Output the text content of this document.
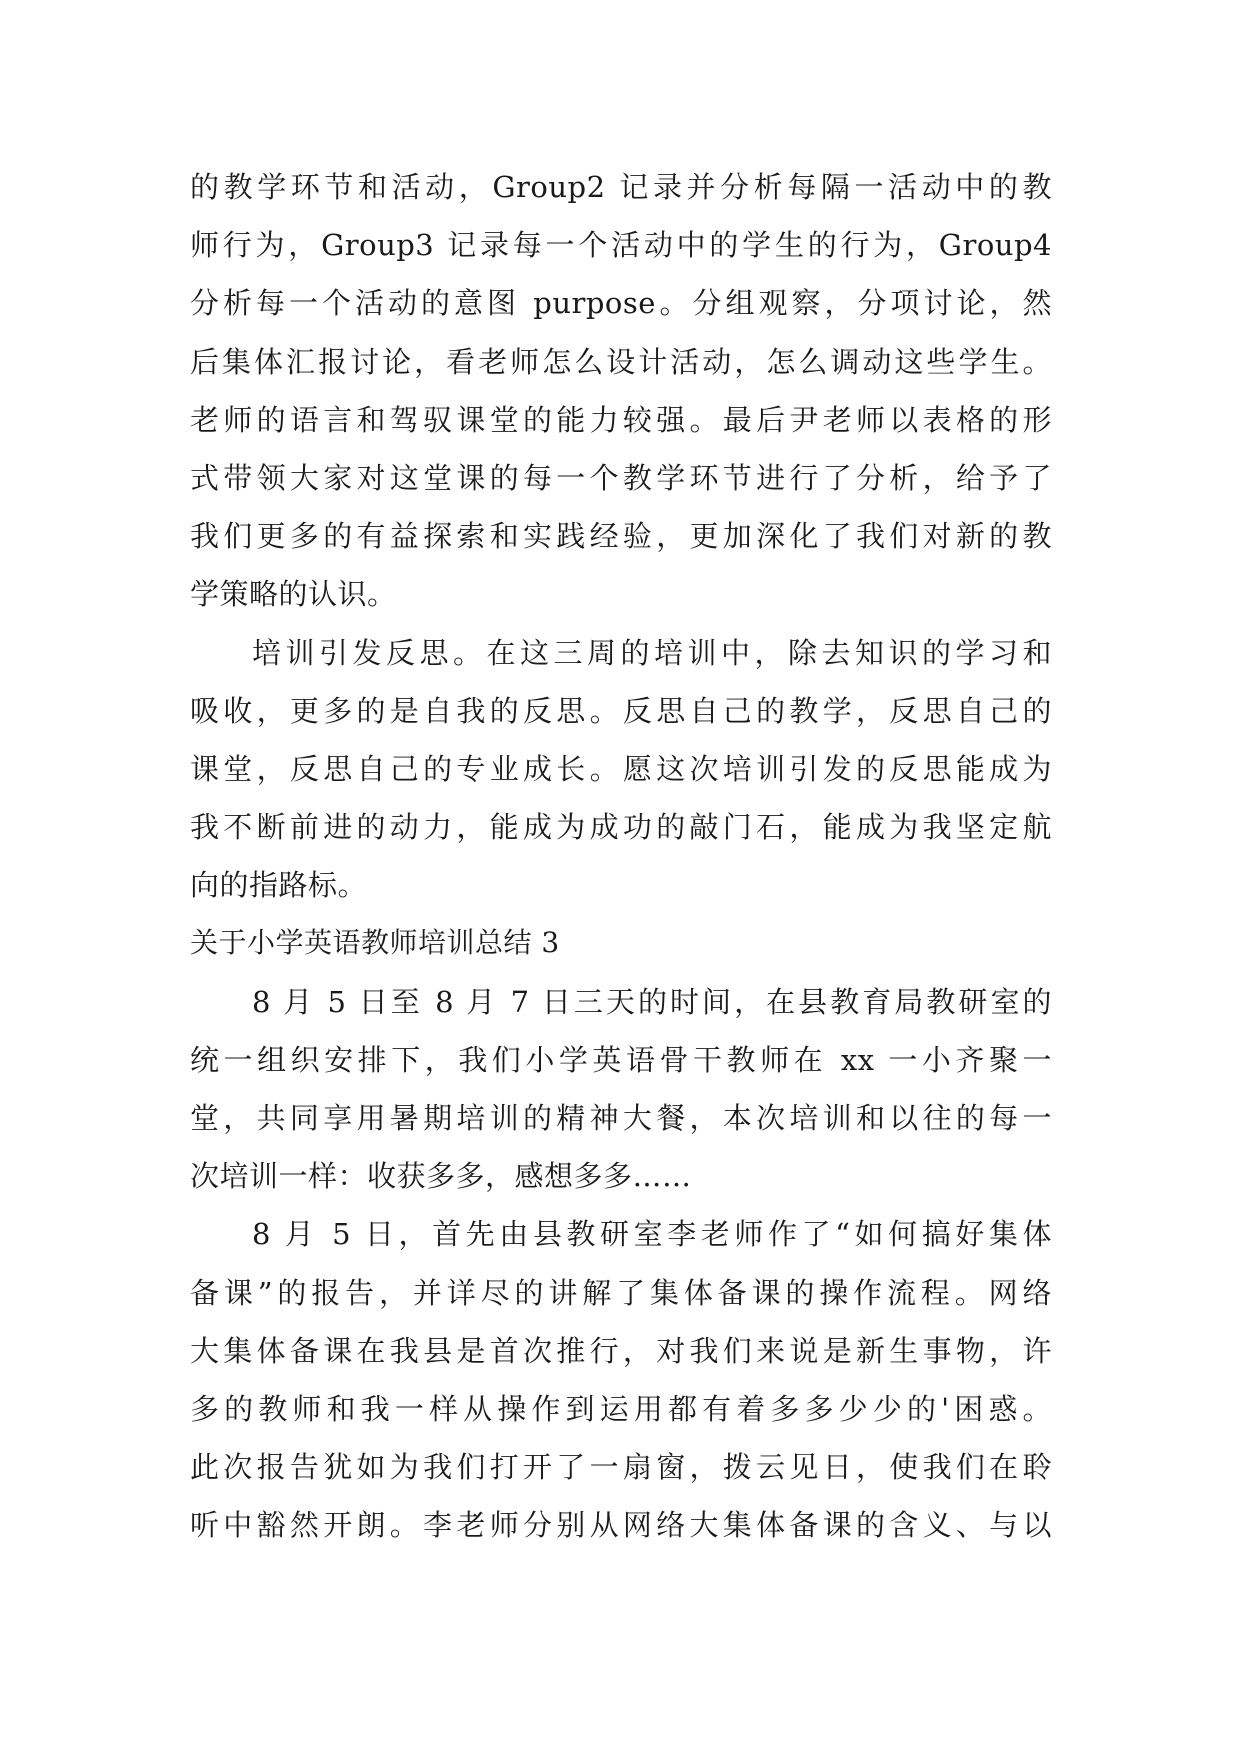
的教学环节和活动，Group2 记录并分析每隔一活动中的教
师行为，Group3 记录每一个活动中的学生的行为，Group4
分析每一个活动的意图 purpose。分组观察，分项讨论，然
后集体汇报讨论，看老师怎么设计活动，怎么调动这些学生。
老师的语言和驾驭课堂的能力较强。最后尹老师以表格的形
式带领大家对这堂课的每一个教学环节进行了分析，给予了
我们更多的有益探索和实践经验，更加深化了我们对新的教
学策略的认识。
培训引发反思。在这三周的培训中，除去知识的学习和
吸收，更多的是自我的反思。反思自己的教学，反思自己的
课堂，反思自己的专业成长。愿这次培训引发的反思能成为
我不断前进的动力，能成为成功的敲门石，能成为我坚定航
向的指路标。
关于小学英语教师培训总结 3
8 月 5 日至 8 月 7 日三天的时间，在县教育局教研室的
统一组织安排下，我们小学英语骨干教师在 xx 一小齐聚一
堂，共同享用暑期培训的精神大餐，本次培训和以往的每一
次培训一样：收获多多，感想多多……
8 月 5 日，首先由县教研室李老师作了“如何搞好集体
备课”的报告，并详尽的讲解了集体备课的操作流程。网络
大集体备课在我县是首次推行，对我们来说是新生事物，许
多的教师和我一样从操作到运用都有着多多少少的'困惑。
此次报告犹如为我们打开了一扇窗，拨云见日，使我们在聆
听中豁然开朗。李老师分别从网络大集体备课的含义、与以
